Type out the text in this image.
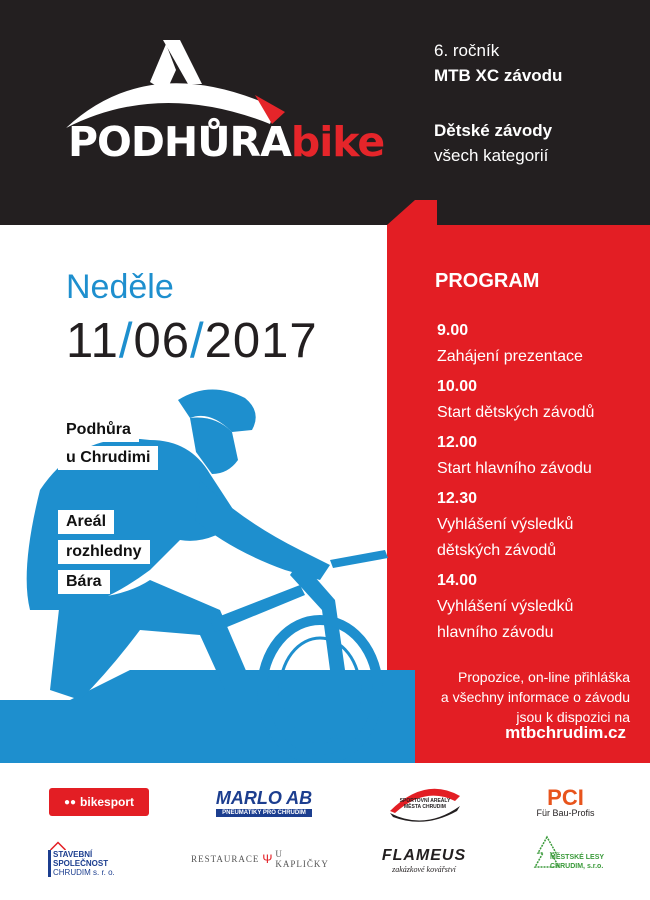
PODHŮRAbike
6. ročník
MTB XC závodu
Dětské závody
všech kategorií
Neděle
11/06/2017
Podhůra
u Chrudimi
Areál
rozhledny
Bára
PROGRAM
9.00
Zahájení prezentace
10.00
Start dětských závodů
12.00
Start hlavního závodu
12.30
Vyhlášení výsledků
dětských závodů
14.00
Vyhlášení výsledků
hlavního závodu
Propozice, on-line přihláška
a všechny informace o závodu
jsou k dispozici na
mtbchrudim.cz
●● bikesport	MARLO AB
PNEUMATIKY PRO CHRUDIM
SPORTOVNÍ AREÁLY MĚSTA CHRUDIM	PCI
Für Bau-Profis
STAVEBNÍ SPOLEČNOST
CHRUDIM s. r. o.
RESTAURACE Ψ U KAPLIČKY
FLAMEUS
zakázkové kovářství
MĚSTSKÉ LESY
CHRUDIM, s.r.o.
